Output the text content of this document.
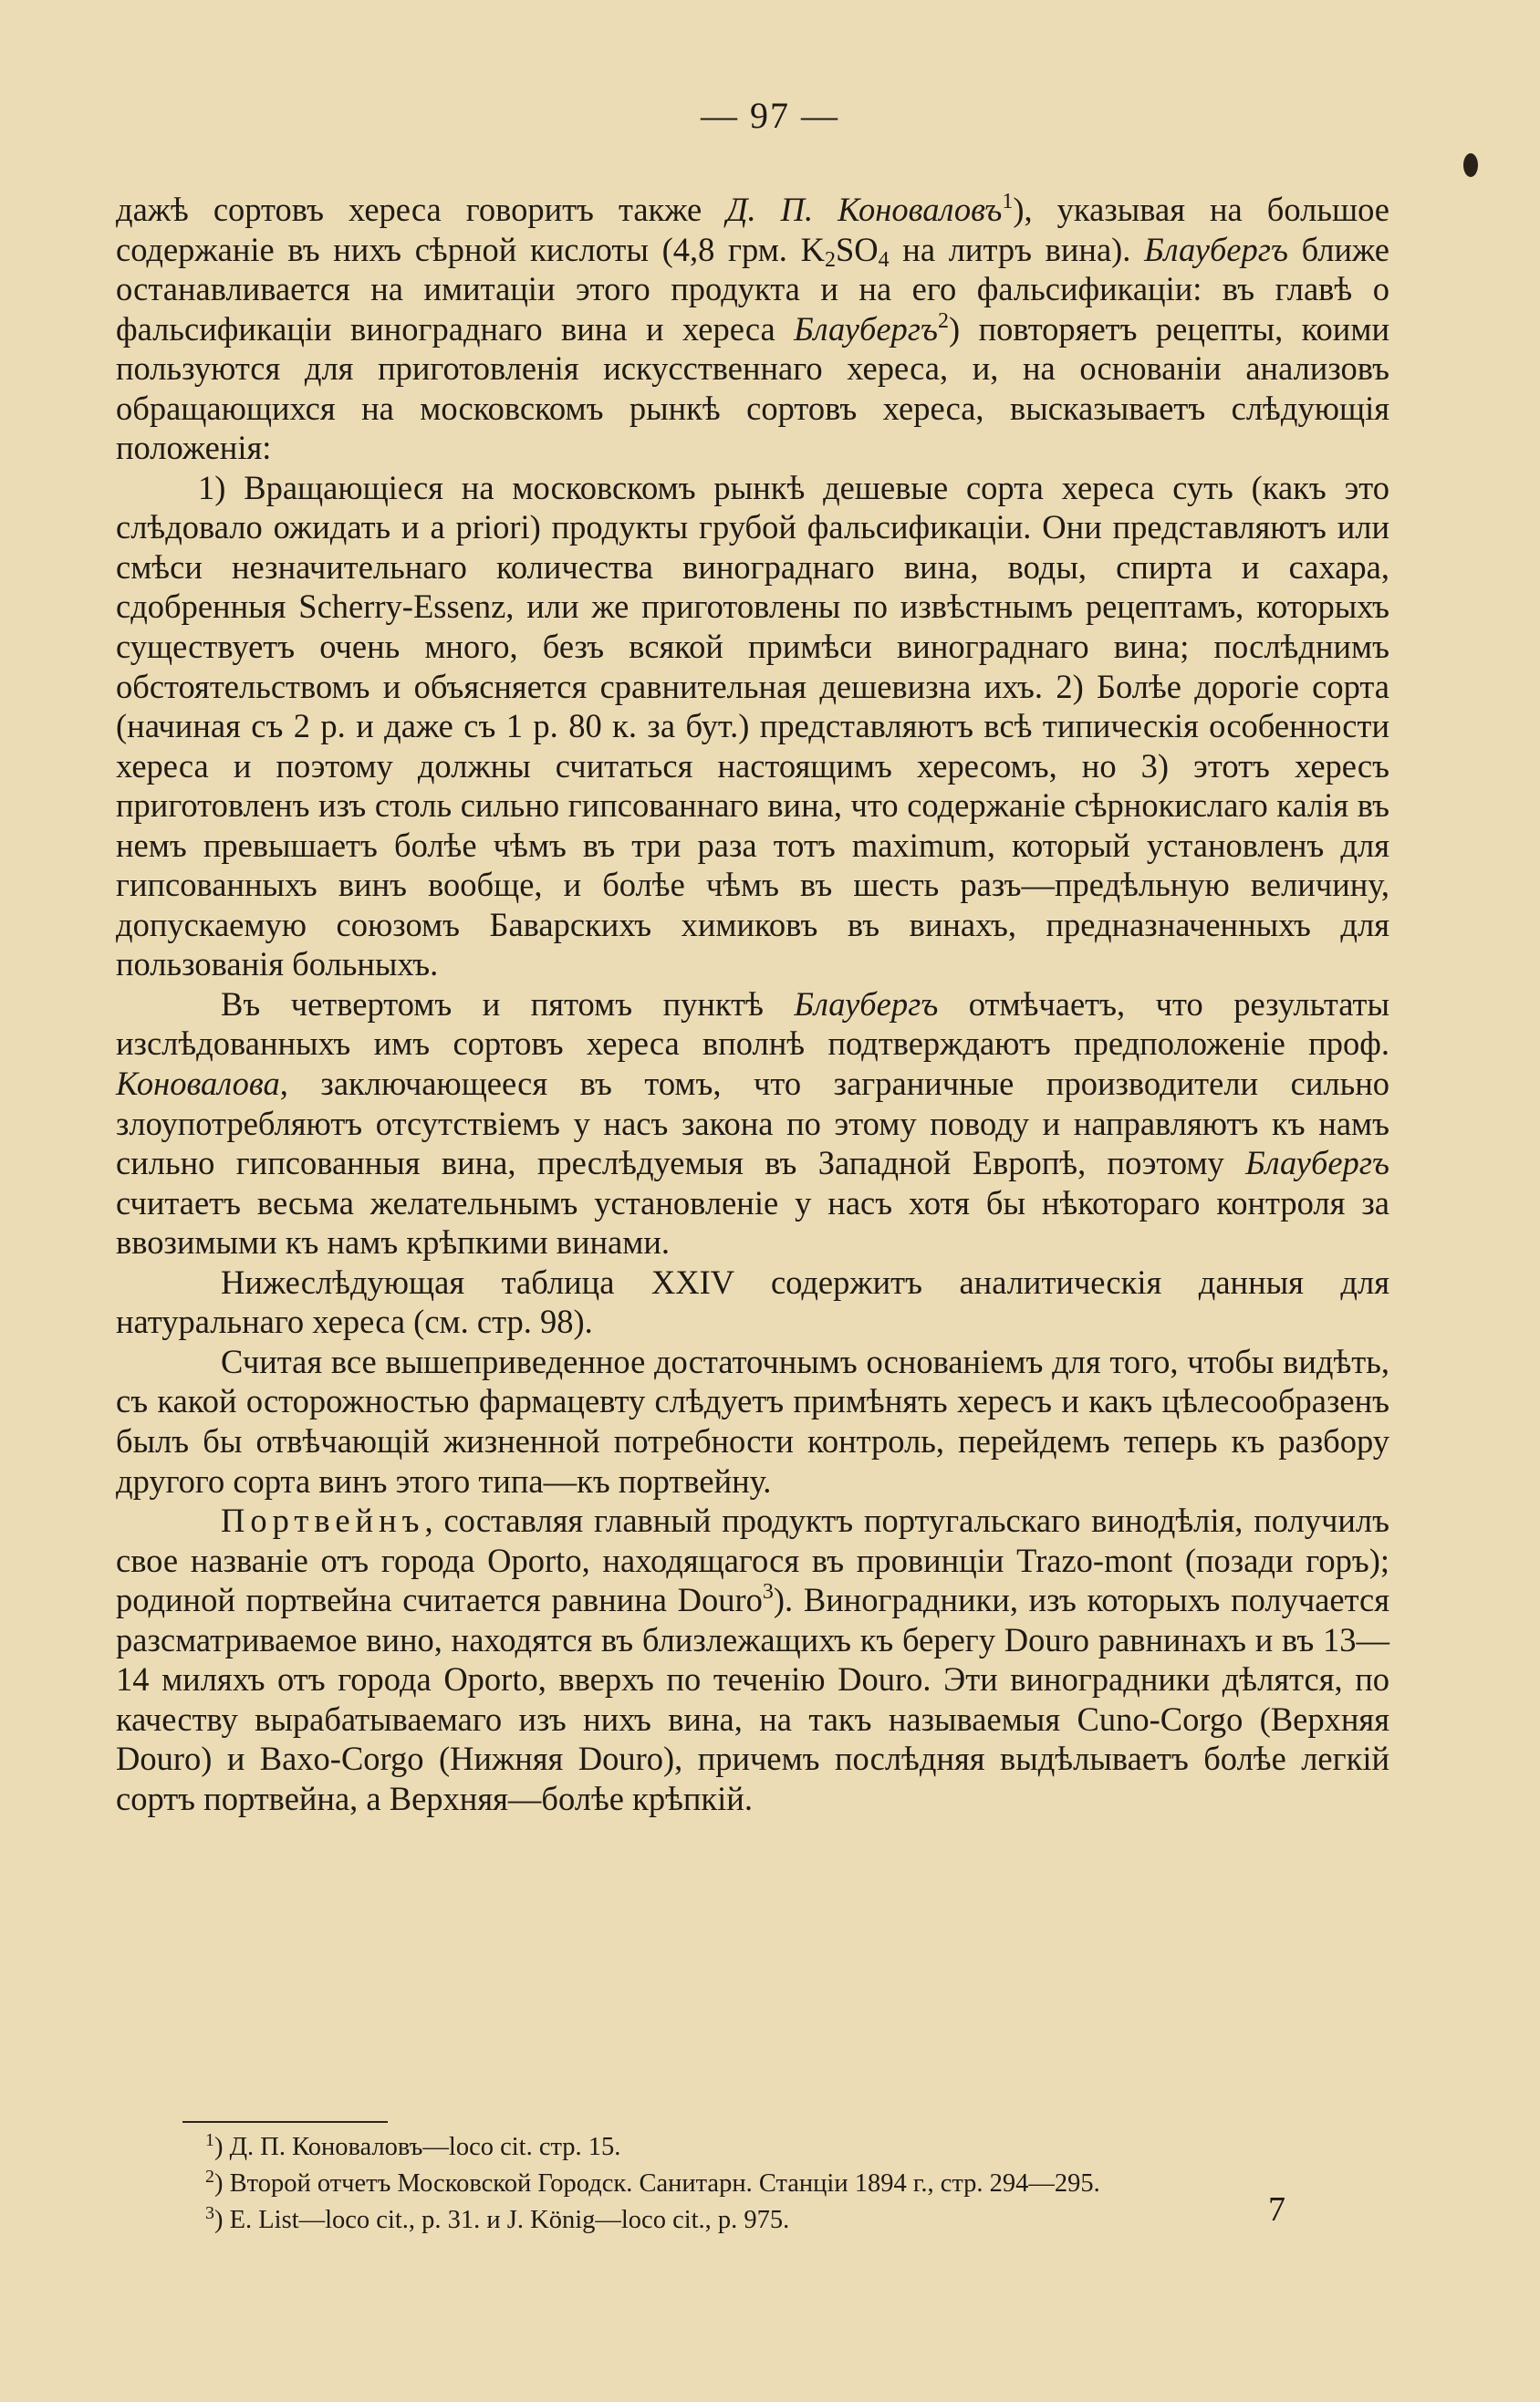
— 97 —

дажѣ сортовъ хереса говоритъ также Д. П. Коноваловъ$^1$), указывая на большое содержаніе въ нихъ сѣрной кислоты (4,8 грм. $K_2SO_4$ на литръ вина). Блаубергъ ближе останавливается на имитаціи этого продукта и на его фальсификаціи: въ главѣ о фальсификаціи винограднаго вина и хереса Блаубергъ$^2$) повторяетъ рецепты, коими пользуются для приготовленія искусственнаго хереса, и, на основаніи анализовъ обращающихся на московскомъ рынкѣ сортовъ хереса, высказываетъ слѣдующія положенія:

1) Вращающіеся на московскомъ рынкѣ дешевые сорта хереса суть (какъ это слѣдовало ожидать и a priori) продукты грубой фальсификаціи. Они представляютъ или смѣси незначительнаго количества винограднаго вина, воды, спирта и сахара, сдобренныя Scherry-Essenz, или же приготовлены по извѣстнымъ рецептамъ, которыхъ существуетъ очень много, безъ всякой примѣси винограднаго вина; послѣднимъ обстоятельствомъ и объясняется сравнительная дешевизна ихъ. 2) Болѣе дорогіе сорта (начиная съ 2 р. и даже съ 1 р. 80 к. за бут.) представляютъ всѣ типическія особенности хереса и поэтому должны считаться настоящимъ хересомъ, но 3) этотъ хересъ приготовленъ изъ столь сильно гипсованнаго вина, что содержаніе сѣрнокислаго калія въ немъ превышаетъ болѣе чѣмъ въ три раза тотъ maximum, который установленъ для гипсованныхъ винъ вообще, и болѣе чѣмъ въ шесть разъ—предѣльную величину, допускаемую союзомъ Баварскихъ химиковъ въ винахъ, предназначенныхъ для пользованія больныхъ.

Въ четвертомъ и пятомъ пунктѣ Блаубергъ отмѣчаетъ, что результаты изслѣдованныхъ имъ сортовъ хереса вполнѣ подтверждаютъ предположеніе проф. Коновалова, заключающееся въ томъ, что заграничные производители сильно злоупотребляютъ отсутствіемъ у насъ закона по этому поводу и направляютъ къ намъ сильно гипсованныя вина, преслѣдуемыя въ Западной Европѣ, поэтому Блаубергъ считаетъ весьма желательнымъ установленіе у насъ хотя бы нѣкотораго контроля за ввозимыми къ намъ крѣпкими винами.

Нижеслѣдующая таблица XXIV содержитъ аналитическія данныя для натуральнаго хереса (см. стр. 98).

Считая все вышеприведенное достаточнымъ основаніемъ для того, чтобы видѣть, съ какой осторожностью фармацевту слѣдуетъ примѣнять хересъ и какъ цѣлесообразенъ былъ бы отвѣчающій жизненной потребности контроль, перейдемъ теперь къ разбору другого сорта винъ этого типа—къ портвейну.

Портвейнъ, составляя главный продуктъ португальскаго винодѣлія, получилъ свое названіе отъ города Oporto, находящагося въ провинціи Trazo-mont (позади горъ); родиной портвейна считается равнина Douro$^3$). Виноградники, изъ которыхъ получается разсматриваемое вино, находятся въ близлежащихъ къ берегу Douro равнинахъ и въ 13—14 миляхъ отъ города Oporto, вверхъ по теченію Douro. Эти виноградники дѣлятся, по качеству вырабатываемаго изъ нихъ вина, на такъ называемыя Cuno-Corgo (Верхняя Douro) и Baxo-Corgo (Нижняя Douro), причемъ послѣдняя выдѣлываетъ болѣе легкій сортъ портвейна, а Верхняя—болѣе крѣпкій.

$^1$) Д. П. Коноваловъ—loco cit. стр. 15.
$^2$) Второй отчетъ Московской Городск. Санитарн. Станціи 1894 г., стр. 294—295.
$^3$) E. List—loco cit., p. 31. и J. König—loco cit., p. 975.	7
